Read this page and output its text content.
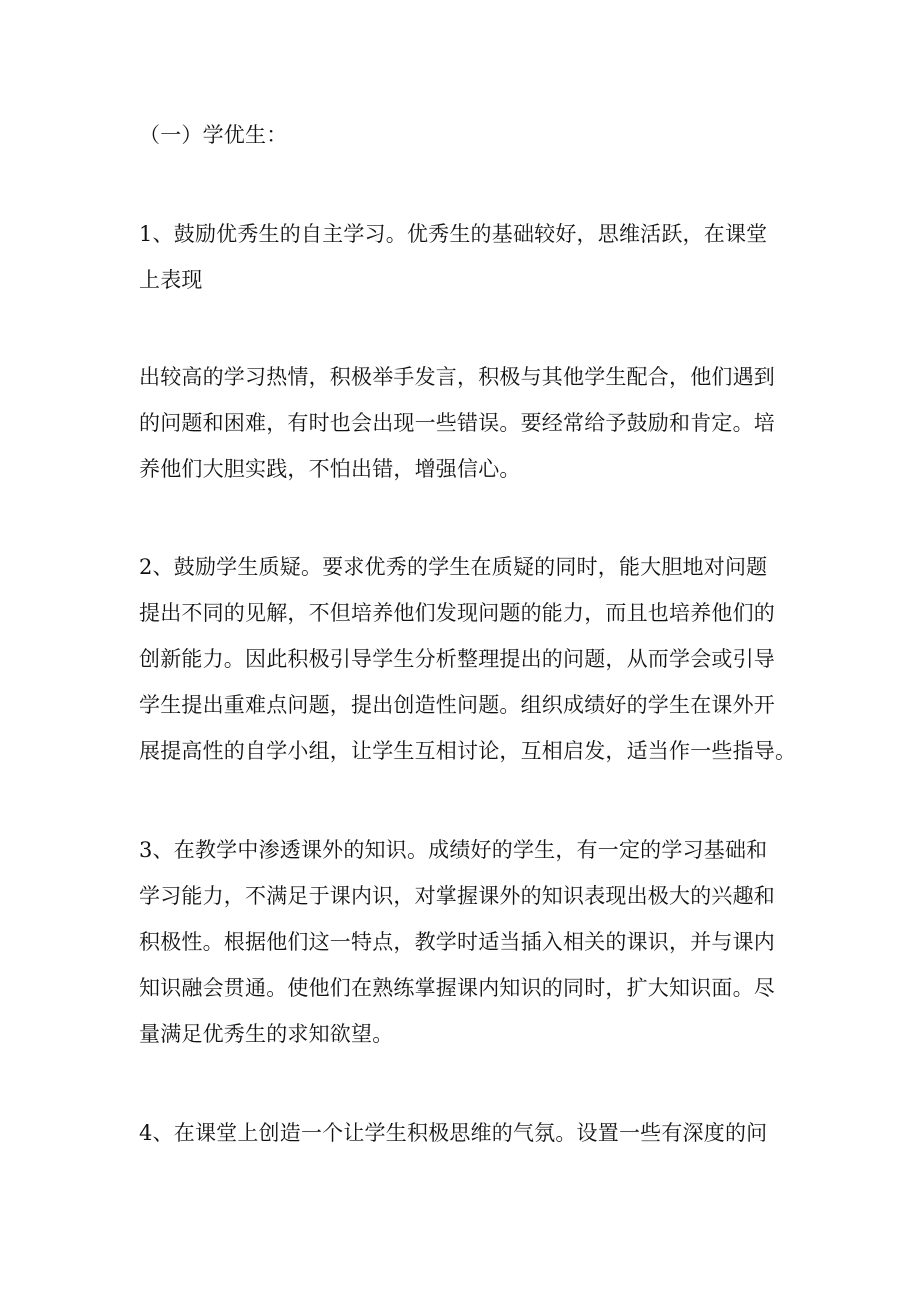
（一）学优生：
1、鼓励优秀生的自主学习。优秀生的基础较好，思维活跃，在课堂
上表现
出较高的学习热情，积极举手发言，积极与其他学生配合，他们遇到
的问题和困难，有时也会出现一些错误。要经常给予鼓励和肯定。培
养他们大胆实践，不怕出错，增强信心。
2、鼓励学生质疑。要求优秀的学生在质疑的同时，能大胆地对问题
提出不同的见解，不但培养他们发现问题的能力，而且也培养他们的
创新能力。因此积极引导学生分析整理提出的问题，从而学会或引导
学生提出重难点问题，提出创造性问题。组织成绩好的学生在课外开
展提高性的自学小组，让学生互相讨论，互相启发，适当作一些指导。
3、在教学中渗透课外的知识。成绩好的学生，有一定的学习基础和
学习能力，不满足于课内识，对掌握课外的知识表现出极大的兴趣和
积极性。根据他们这一特点，教学时适当插入相关的课识，并与课内
知识融会贯通。使他们在熟练掌握课内知识的同时，扩大知识面。尽
量满足优秀生的求知欲望。
4、在课堂上创造一个让学生积极思维的气氛。设置一些有深度的问
